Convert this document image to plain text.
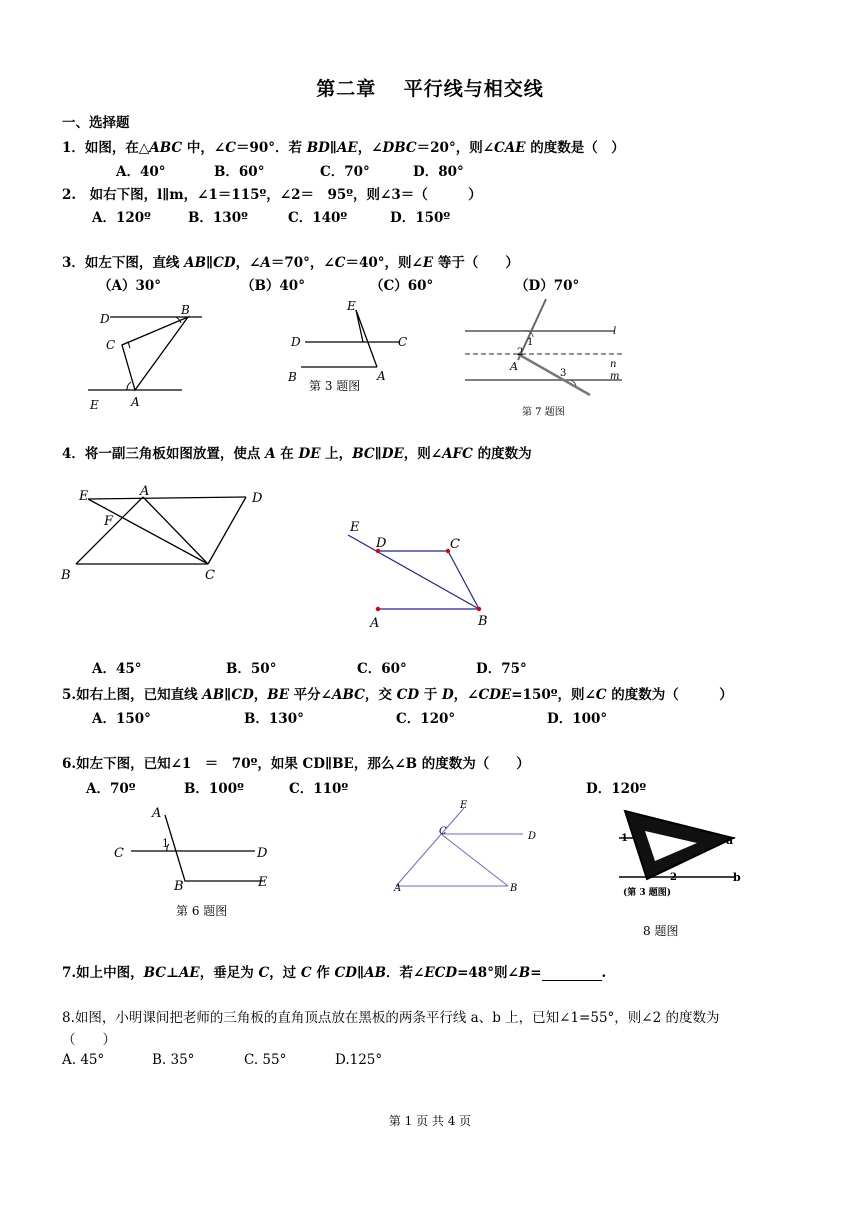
第二章　 平行线与相交线
一、选择题
1．如图，在△ABC 中，∠C＝90°．若 BD∥AE，∠DBC＝20°，则∠CAE 的度数是（　）
A．40°	B．60°	C．70°	D．80°
2.　如右下图，l∥m，∠1＝115º，∠2＝　95º，则∠3＝（　　　）
A．120º	B．130º	C．140º	D．150º
3．如左下图，直线 AB∥CD，∠A＝70°，∠C＝40°，则∠E 等于（　　）
（A）30°	（B）40°	（C）60°	（D）70°
D
B
C
E	A
E
D	C
B	A
第 3 题图
l
n
m
A
1
2
3
第 7 题图
4．将一副三角板如图放置，使点 A 在 DE 上，BC∥DE，则∠AFC 的度数为
E	A	D
F
B	C
E
D	C
A	B
A．45°	B．50°	C．60°	D．75°
5.如右上图，已知直线 AB∥CD，BE 平分∠ABC，交 CD 于 D，∠CDE=150º，则∠C 的度数为（　　　）
A．150°	B．130°	C．120°	D．100°
6.如左下图，已知∠1　＝　70º，如果 CD∥BE，那么∠B 的度数为（　　）
A．70º	B．100º	C．110º	D．120º
A
C
1
D
B	E
第 6 题图
E
C	D
A	B
1
2
a
b
(第 3 题图)
8 题图
7.如上中图，BC⊥AE，垂足为 C，过 C 作 CD∥AB．若∠ECD=48°则∠B=	.
8.如图，小明课间把老师的三角板的直角顶点放在黑板的两条平行线 a、b 上，已知∠1=55°，则∠2 的度数为
（　　）
A. 45°	B. 35°	C. 55°	D.125°
第 1 页 共 4 页
